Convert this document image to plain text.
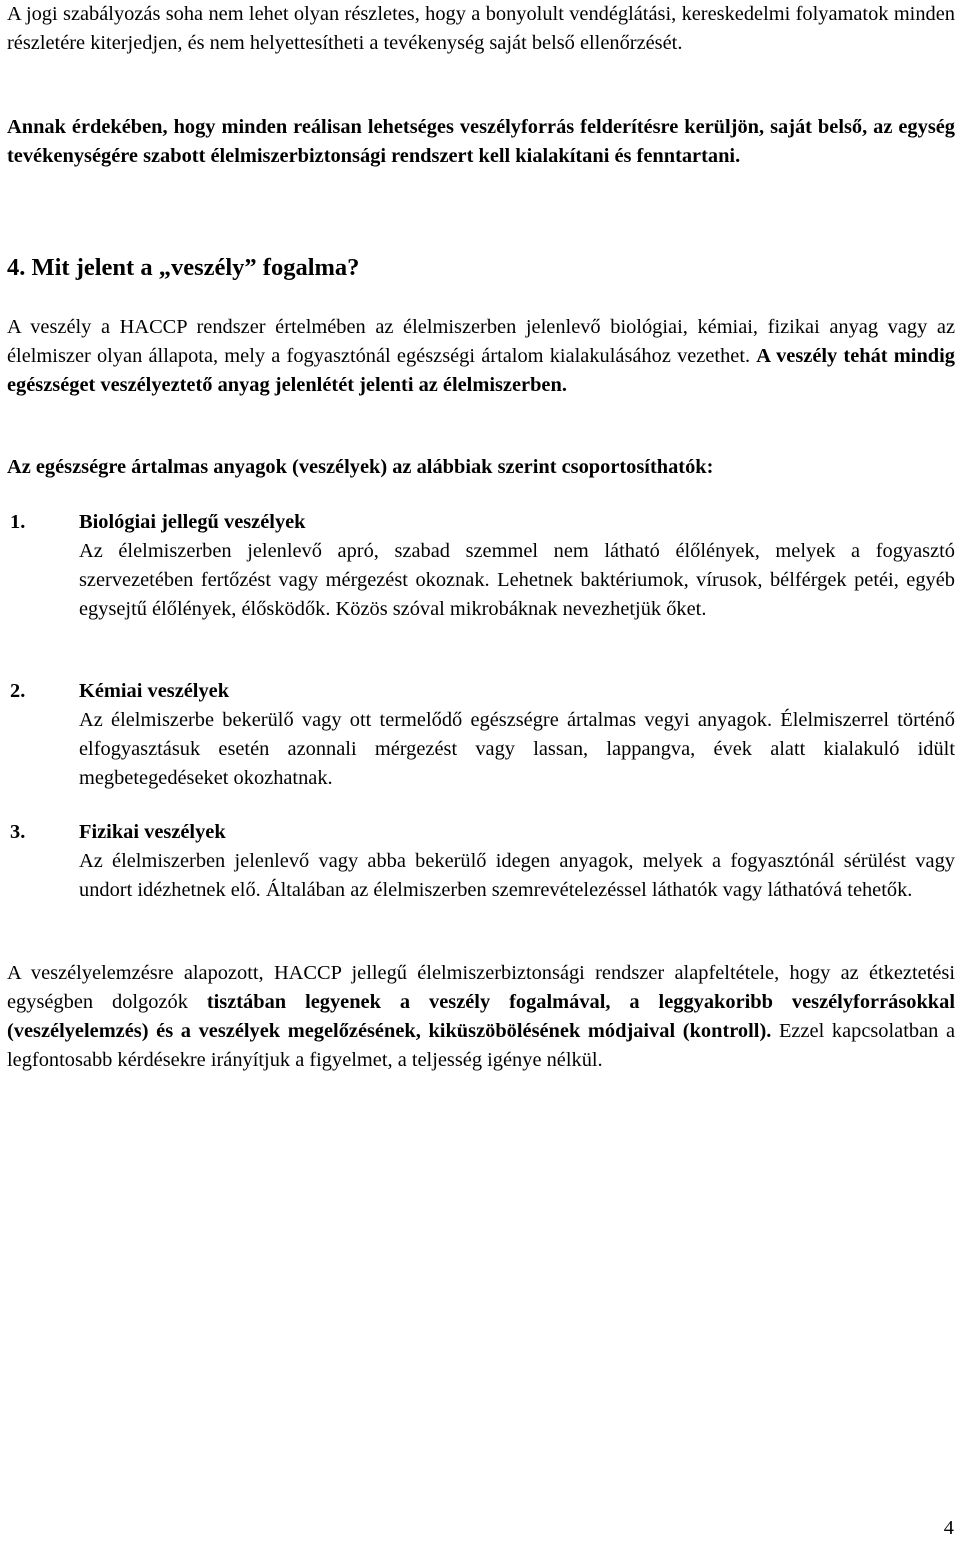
A jogi szabályozás soha nem lehet olyan részletes, hogy a bonyolult vendéglátási, kereskedelmi folyamatok minden részletére kiterjedjen, és nem helyettesítheti a tevékenység saját belső ellenőrzését.

Annak érdekében, hogy minden reálisan lehetséges veszélyforrás felderítésre kerüljön, saját belső, az egység tevékenységére szabott élelmiszerbiztonsági rendszert kell kialakítani és fenntartani.

4. Mit jelent a „veszély” fogalma?

A veszély a HACCP rendszer értelmében az élelmiszerben jelenlevő biológiai, kémiai, fizikai anyag vagy az élelmiszer olyan állapota, mely a fogyasztónál egészségi ártalom kialakulásához vezethet. A veszély tehát mindig egészséget veszélyeztető anyag jelenlétét jelenti az élelmiszerben.

Az egészségre ártalmas anyagok (veszélyek) az alábbiak szerint csoportosíthatók:

1.	Biológiai jellegű veszélyek

Az élelmiszerben jelenlevő apró, szabad szemmel nem látható élőlények, melyek a fogyasztó szervezetében fertőzést vagy mérgezést okoznak. Lehetnek baktériumok, vírusok, bélférgek petéi, egyéb egysejtű élőlények, élősködők. Közös szóval mikrobáknak nevezhetjük őket.

2.	Kémiai veszélyek

Az élelmiszerbe bekerülő vagy ott termelődő egészségre ártalmas vegyi anyagok. Élelmiszerrel történő elfogyasztásuk esetén azonnali mérgezést vagy lassan, lappangva, évek alatt kialakuló idült megbetegedéseket okozhatnak.

3.	Fizikai veszélyek

Az élelmiszerben jelenlevő vagy abba bekerülő idegen anyagok, melyek a fogyasztónál sérülést vagy undort idézhetnek elő. Általában az élelmiszerben szemrevételezéssel láthatók vagy láthatóvá tehetők.

A veszélyelemzésre alapozott, HACCP jellegű élelmiszerbiztonsági rendszer alapfeltétele, hogy az étkeztetési egységben dolgozók tisztában legyenek a veszély fogalmával, a leggyakoribb veszélyforrásokkal (veszélyelemzés) és a veszélyek megelőzésének, kiküszöbölésének módjaival (kontroll). Ezzel kapcsolatban a legfontosabb kérdésekre irányítjuk a figyelmet, a teljesség igénye nélkül.

4
